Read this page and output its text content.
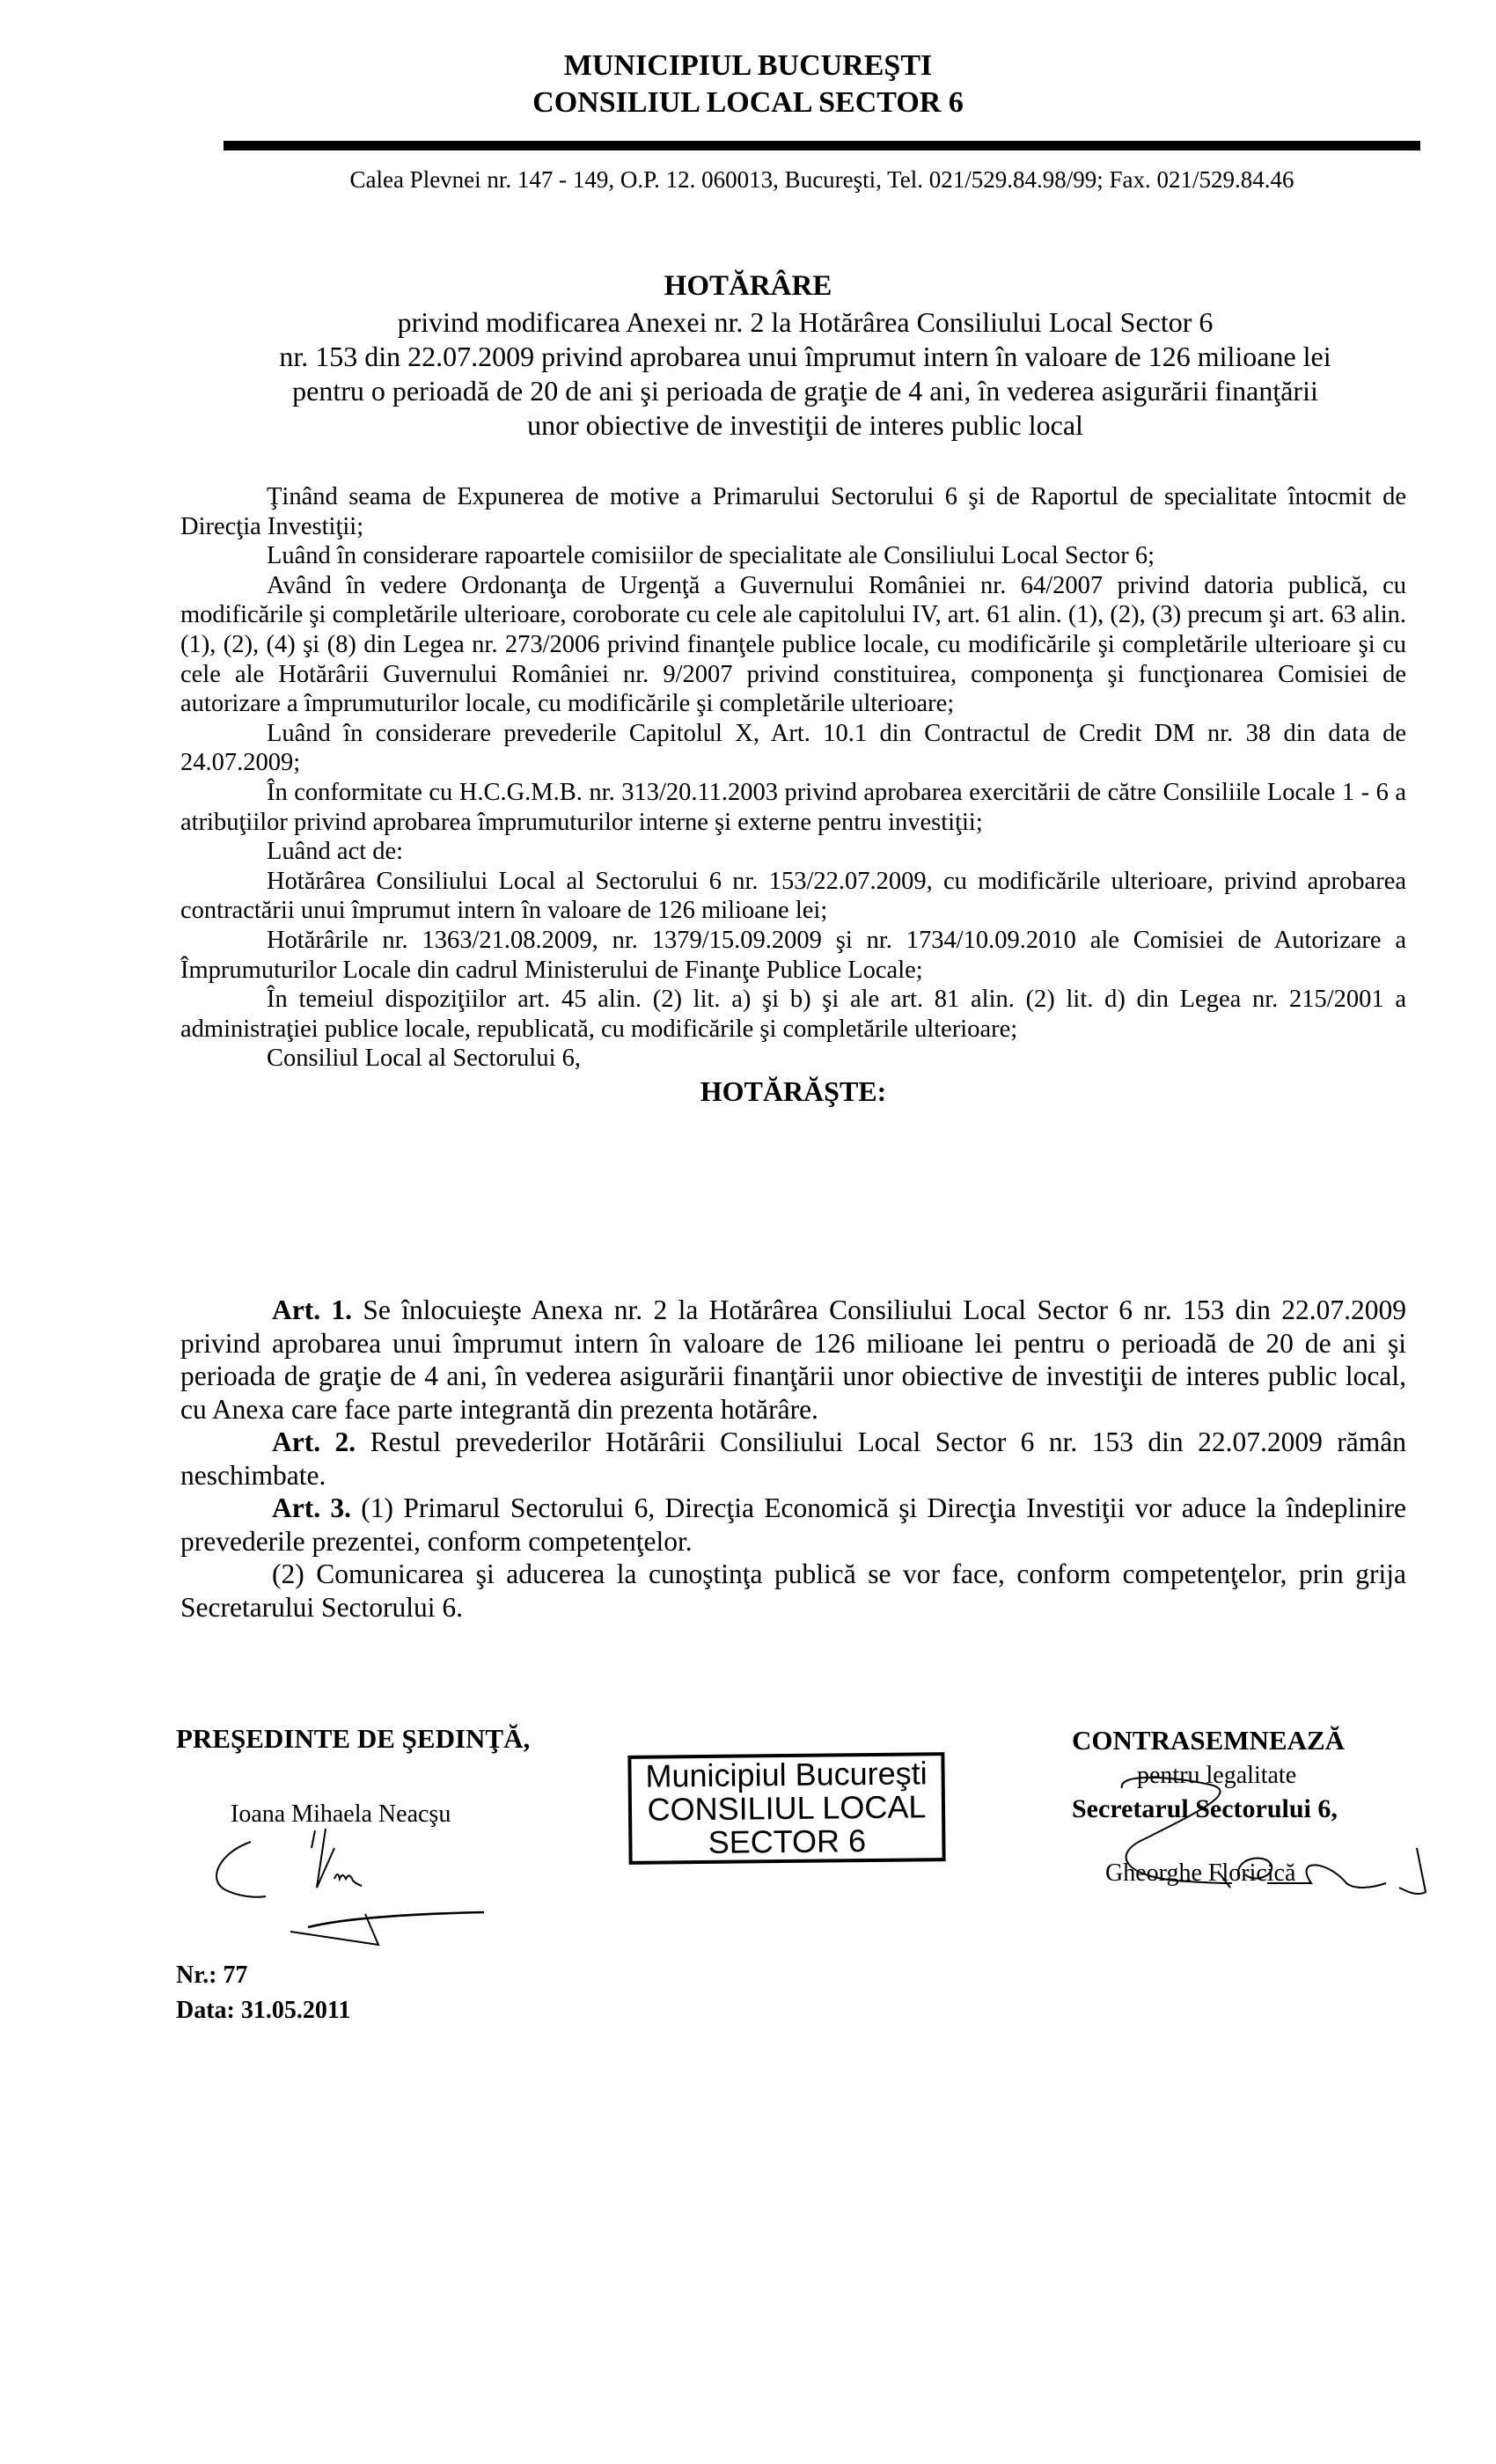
MUNICIPIUL BUCUREŞTI
CONSILIUL LOCAL SECTOR 6
Calea Plevnei nr. 147 - 149, O.P. 12. 060013, Bucureşti, Tel. 021/529.84.98/99; Fax. 021/529.84.46
HOTĂRÂRE
privind modificarea Anexei nr. 2 la Hotărârea Consiliului Local Sector 6
nr. 153 din 22.07.2009 privind aprobarea unui împrumut intern în valoare de 126 milioane lei
pentru o perioadă de 20 de ani şi perioada de graţie de 4 ani, în vederea asigurării finanţării
unor obiective de investiţii de interes public local

Ţinând seama de Expunerea de motive a Primarului Sectorului 6 şi de Raportul de specialitate întocmit de Direcţia Investiţii;

Luând în considerare rapoartele comisiilor de specialitate ale Consiliului Local Sector 6;

Având în vedere Ordonanţa de Urgenţă a Guvernului României nr. 64/2007 privind datoria publică, cu modificările şi completările ulterioare, coroborate cu cele ale capitolului IV, art. 61 alin. (1), (2), (3) precum şi art. 63 alin. (1), (2), (4) şi (8) din Legea nr. 273/2006 privind finanţele publice locale, cu modificările şi completările ulterioare şi cu cele ale Hotărârii Guvernului României nr. 9/2007 privind constituirea, componenţa şi funcţionarea Comisiei de autorizare a împrumuturilor locale, cu modificările şi completările ulterioare;

Luând în considerare prevederile Capitolul X, Art. 10.1 din Contractul de Credit DM nr. 38 din data de 24.07.2009;

În conformitate cu H.C.G.M.B. nr. 313/20.11.2003 privind aprobarea exercitării de către Consiliile Locale 1 - 6 a atribuţiilor privind aprobarea împrumuturilor interne şi externe pentru investiţii;

Luând act de:

Hotărârea Consiliului Local al Sectorului 6 nr. 153/22.07.2009, cu modificările ulterioare, privind aprobarea contractării unui împrumut intern în valoare de 126 milioane lei;

Hotărârile nr. 1363/21.08.2009, nr. 1379/15.09.2009 şi nr. 1734/10.09.2010 ale Comisiei de Autorizare a Împrumuturilor Locale din cadrul Ministerului de Finanţe Publice Locale;

În temeiul dispoziţiilor art. 45 alin. (2) lit. a) şi b) şi ale art. 81 alin. (2) lit. d) din Legea nr. 215/2001 a administraţiei publice locale, republicată, cu modificările şi completările ulterioare;

Consiliul Local al Sectorului 6,

HOTĂRĂŞTE:

Art. 1. Se înlocuieşte Anexa nr. 2 la Hotărârea Consiliului Local Sector 6 nr. 153 din 22.07.2009 privind aprobarea unui împrumut intern în valoare de 126 milioane lei pentru o perioadă de 20 de ani şi perioada de graţie de 4 ani, în vederea asigurării finanţării unor obiective de investiţii de interes public local, cu Anexa care face parte integrantă din prezenta hotărâre.

Art. 2. Restul prevederilor Hotărârii Consiliului Local Sector 6 nr. 153 din 22.07.2009 rămân neschimbate.

Art. 3. (1) Primarul Sectorului 6, Direcţia Economică şi Direcţia Investiţii vor aduce la îndeplinire prevederile prezentei, conform competenţelor.

(2) Comunicarea şi aducerea la cunoştinţa publică se vor face, conform competenţelor, prin grija Secretarului Sectorului 6.

PREŞEDINTE DE ŞEDINŢĂ,
Ioana Mihaela Neacşu
Nr.: 77
Data: 31.05.2011
Municipiul Bucureşti
CONSILIUL LOCAL
SECTOR 6
CONTRASEMNEAZĂ
pentru legalitate
Secretarul Sectorului 6,
Gheorghe Floricică
